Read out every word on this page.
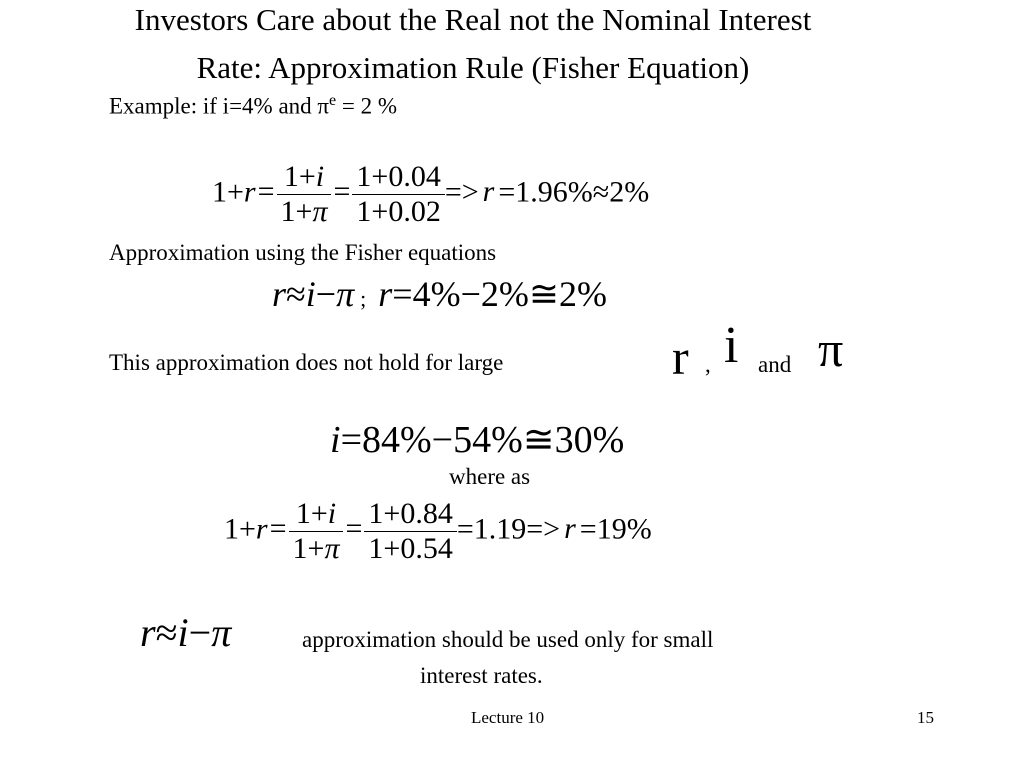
Investors Care about the Real not the Nominal Interest
Rate: Approximation Rule (Fisher Equation)
Example: if i=4% and $\pi^e = 2$ %
$1+r= \frac{1+i}{1+\pi} = \frac{1+0.04}{1+0.02} => r =1.96\%\approx 2\%$
Approximation using the Fisher equations
r≈i−π ; r=4%−2%≅2%
This approximation does not hold for large	r , i and π
i=84%−54%≅30%
where as
$1+r= \frac{1+i}{1+\pi} = \frac{1+0.84}{1+0.54} =1.19=> r =19\%$
r≈i−π	approximation should be used only for small
interest rates.
Lecture 10	15
